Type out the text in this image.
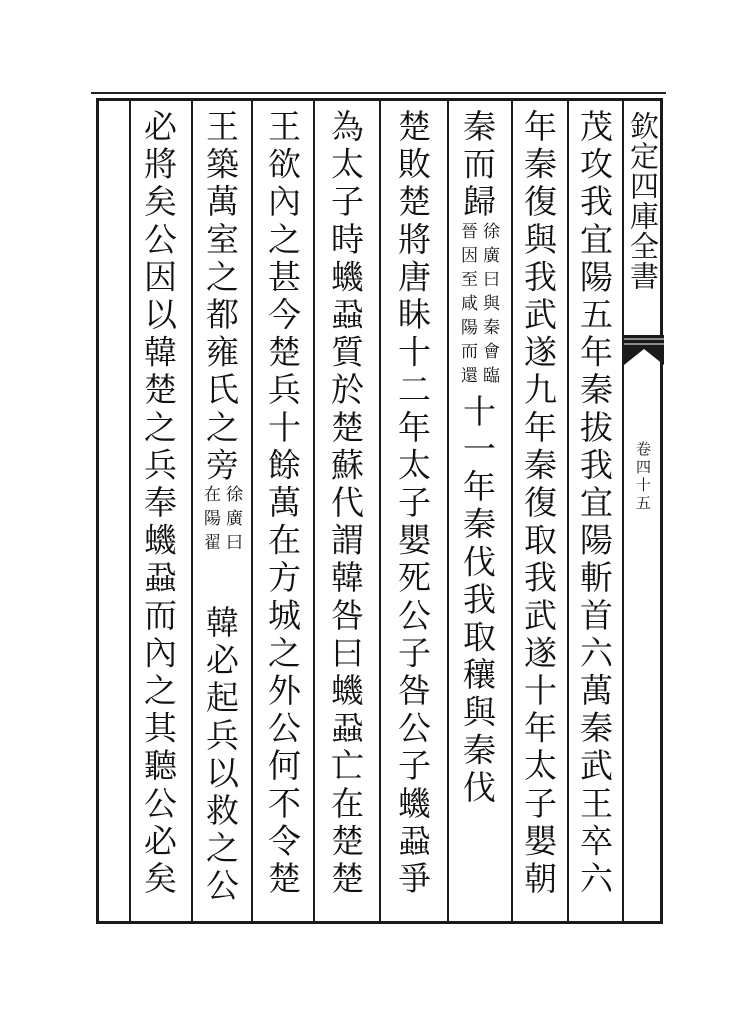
欽定四庫全書
卷四十五
茂攻我宜陽五年秦拔我宜陽斬首六萬秦武王卒六
年秦復與我武遂九年秦復取我武遂十年太子嬰朝
秦而歸
徐廣曰與秦會臨
晉因至咸陽而還
十一年秦伐我取穰與秦伐
楚敗楚將唐眛十二年太子嬰死公子咎公子蟣蝨爭
為太子時蟣蝨質於楚蘇代謂韓咎曰蟣蝨亡在楚楚
王欲內之甚今楚兵十餘萬在方城之外公何不令楚
王築萬室之都雍氏之旁
徐廣曰
在陽翟
韓必起兵以救之公
必將矣公因以韓楚之兵奉蟣蝨而內之其聽公必矣
